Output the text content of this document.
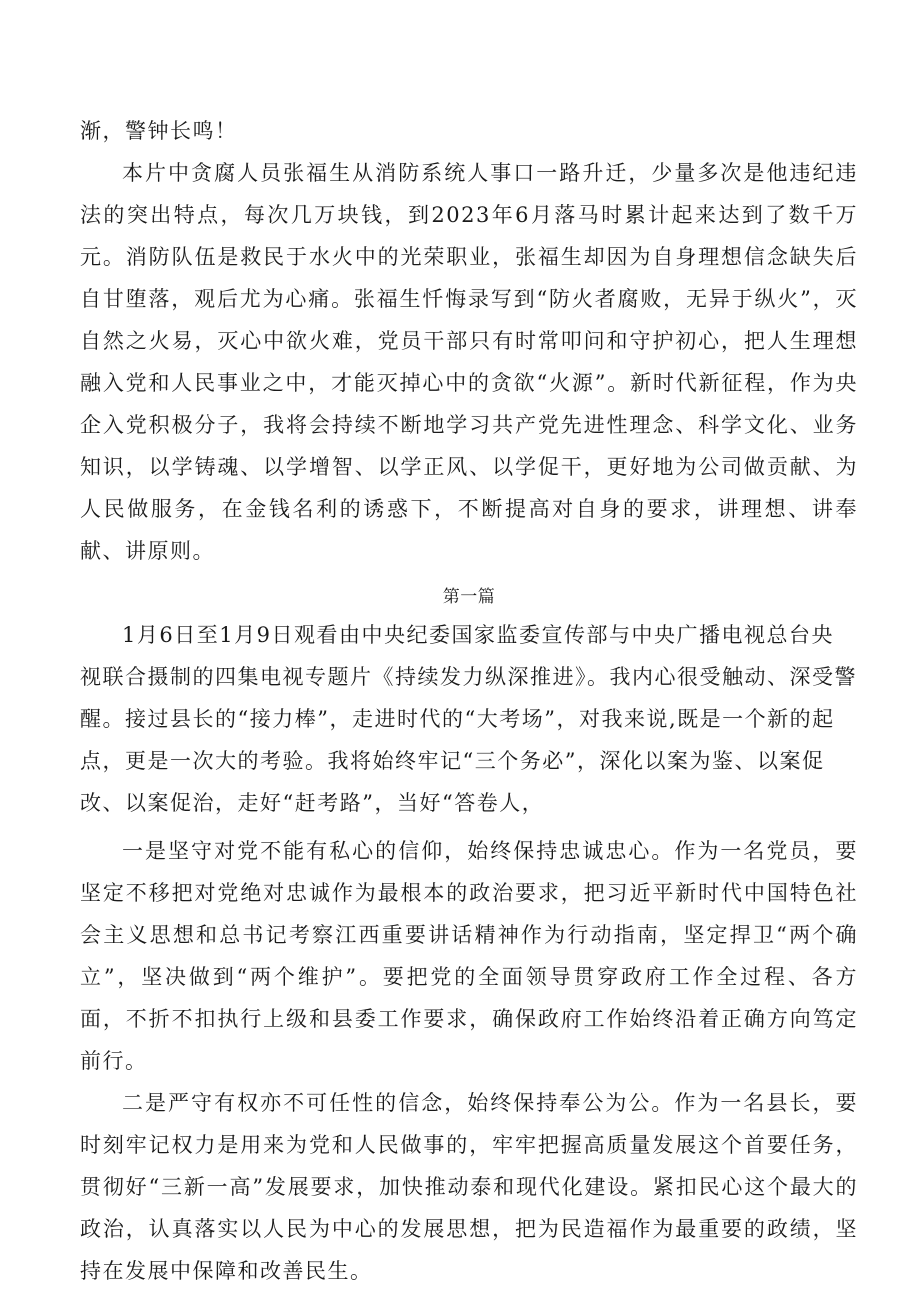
渐，警钟长鸣！

本片中贪腐人员张福生从消防系统人事口一路升迁，少量多次是他违纪违法的突出特点，每次几万块钱，到2023年6月落马时累计起来达到了数千万元。消防队伍是救民于水火中的光荣职业，张福生却因为自身理想信念缺失后自甘堕落，观后尤为心痛。张福生忏悔录写到“防火者腐败，无异于纵火”，灭自然之火易，灭心中欲火难，党员干部只有时常叩问和守护初心，把人生理想融入党和人民事业之中，才能灭掉心中的贪欲“火源”。新时代新征程，作为央企入党积极分子，我将会持续不断地学习共产党先进性理念、科学文化、业务知识，以学铸魂、以学增智、以学正风、以学促干，更好地为公司做贡献、为人民做服务，在金钱名利的诱惑下，不断提高对自身的要求，讲理想、讲奉献、讲原则。

第一篇
1月6日至1月9日观看由中央纪委国家监委宣传部与中央广播电视总台央
视联合摄制的四集电视专题片《持续发力纵深推进》。我内心很受触动、深受警
醒。接过县长的“接力棒”，走进时代的“大考场”，对我来说,既是一个新的起
点，更是一次大的考验。我将始终牢记“三个务必”，深化以案为鉴、以案促
改、以案促治，走好“赶考路”，当好“答卷人，

一是坚守对党不能有私心的信仰，始终保持忠诚忠心。作为一名党员，要坚定不移把对党绝对忠诚作为最根本的政治要求，把习近平新时代中国特色社会主义思想和总书记考察江西重要讲话精神作为行动指南，坚定捍卫“两个确立”，坚决做到“两个维护”。要把党的全面领导贯穿政府工作全过程、各方面，不折不扣执行上级和县委工作要求，确保政府工作始终沿着正确方向笃定前行。

二是严守有权亦不可任性的信念，始终保持奉公为公。作为一名县长，要时刻牢记权力是用来为党和人民做事的，牢牢把握高质量发展这个首要任务，贯彻好“三新一高”发展要求，加快推动泰和现代化建设。紧扣民心这个最大的政治，认真落实以人民为中心的发展思想，把为民造福作为最重要的政绩，坚持在发展中保障和改善民生。
